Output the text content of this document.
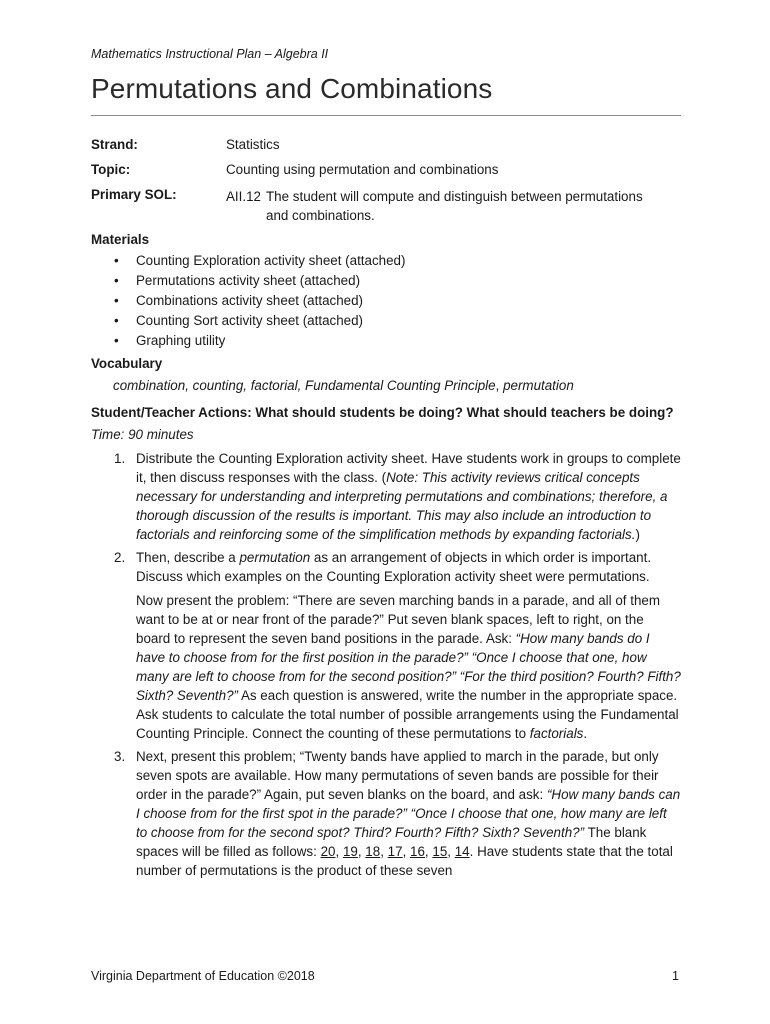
Mathematics Instructional Plan – Algebra II
Permutations and Combinations
Strand:	Statistics
Topic:	Counting using permutation and combinations
Primary SOL:	AII.12 The student will compute and distinguish between permutations
and combinations.
Materials
• Counting Exploration activity sheet (attached)
• Permutations activity sheet (attached)
• Combinations activity sheet (attached)
• Counting Sort activity sheet (attached)
• Graphing utility
Vocabulary
combination, counting, factorial, Fundamental Counting Principle, permutation
Student/Teacher Actions: What should students be doing? What should teachers be doing?
Time: 90 minutes
1. Distribute the Counting Exploration activity sheet. Have students work in groups to complete it, then discuss responses with the class. (Note: This activity reviews critical concepts necessary for understanding and interpreting permutations and combinations; therefore, a thorough discussion of the results is important. This may also include an introduction to factorials and reinforcing some of the simplification methods by expanding factorials.)

2. Then, describe a permutation as an arrangement of objects in which order is important. Discuss which examples on the Counting Exploration activity sheet were permutations.

Now present the problem: “There are seven marching bands in a parade, and all of them want to be at or near front of the parade?” Put seven blank spaces, left to right, on the board to represent the seven band positions in the parade. Ask: “How many bands do I have to choose from for the first position in the parade?” “Once I choose that one, how many are left to choose from for the second position?” “For the third position? Fourth? Fifth? Sixth? Seventh?” As each question is answered, write the number in the appropriate space. Ask students to calculate the total number of possible arrangements using the Fundamental Counting Principle. Connect the counting of these permutations to factorials.

3. Next, present this problem; “Twenty bands have applied to march in the parade, but only seven spots are available. How many permutations of seven bands are possible for their order in the parade?” Again, put seven blanks on the board, and ask: “How many bands can I choose from for the first spot in the parade?” “Once I choose that one, how many are left to choose from for the second spot? Third? Fourth? Fifth? Sixth? Seventh?” The blank spaces will be filled as follows: 20, 19, 18, 17, 16, 15, 14. Have students state that the total number of permutations is the product of these seven

Virginia Department of Education ©2018	1
